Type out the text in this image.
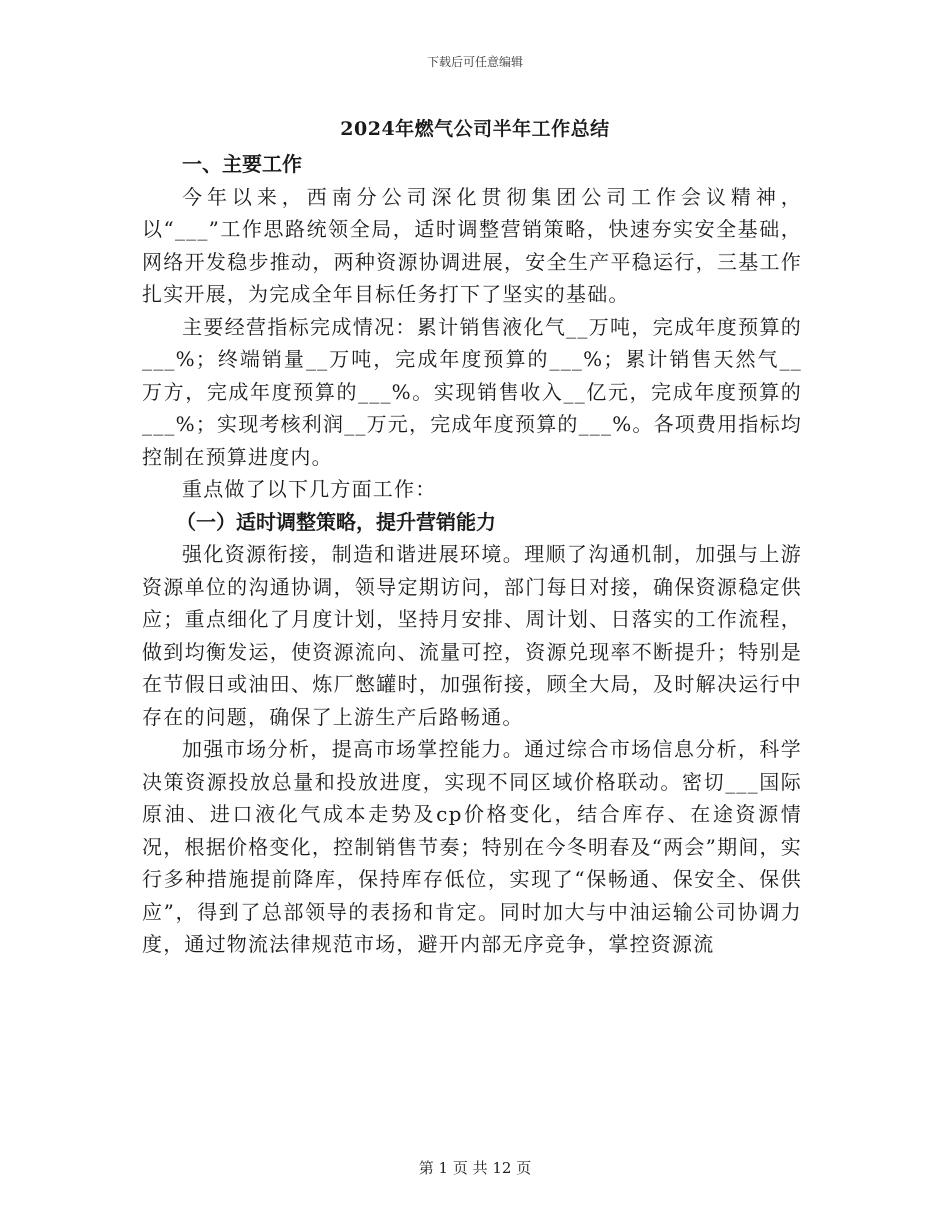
下载后可任意编辑
2024年燃气公司半年工作总结

一、主要工作

今年以来，西南分公司深化贯彻集团公司工作会议精神，以“___”工作思路统领全局，适时调整营销策略，快速夯实安全基础，网络开发稳步推动，两种资源协调进展，安全生产平稳运行，三基工作扎实开展，为完成全年目标任务打下了坚实的基础。

主要经营指标完成情况：累计销售液化气__万吨，完成年度预算的___%；终端销量__万吨，完成年度预算的___%；累计销售天然气__万方，完成年度预算的___%。实现销售收入__亿元，完成年度预算的___%；实现考核利润__万元，完成年度预算的___%。各项费用指标均控制在预算进度内。

重点做了以下几方面工作：

（一）适时调整策略，提升营销能力

强化资源衔接，制造和谐进展环境。理顺了沟通机制，加强与上游资源单位的沟通协调，领导定期访问，部门每日对接，确保资源稳定供应；重点细化了月度计划，坚持月安排、周计划、日落实的工作流程，做到均衡发运，使资源流向、流量可控，资源兑现率不断提升；特别是在节假日或油田、炼厂憋罐时，加强衔接，顾全大局，及时解决运行中存在的问题，确保了上游生产后路畅通。

加强市场分析，提高市场掌控能力。通过综合市场信息分析，科学决策资源投放总量和投放进度，实现不同区域价格联动。密切___国际原油、进口液化气成本走势及cp价格变化，结合库存、在途资源情况，根据价格变化，控制销售节奏；特别在今冬明春及“两会”期间，实行多种措施提前降库，保持库存低位，实现了“保畅通、保安全、保供应”，得到了总部领导的表扬和肯定。同时加大与中油运输公司协调力度，通过物流法律规范市场，避开内部无序竞争，掌控资源流

第 1 页 共 12 页
